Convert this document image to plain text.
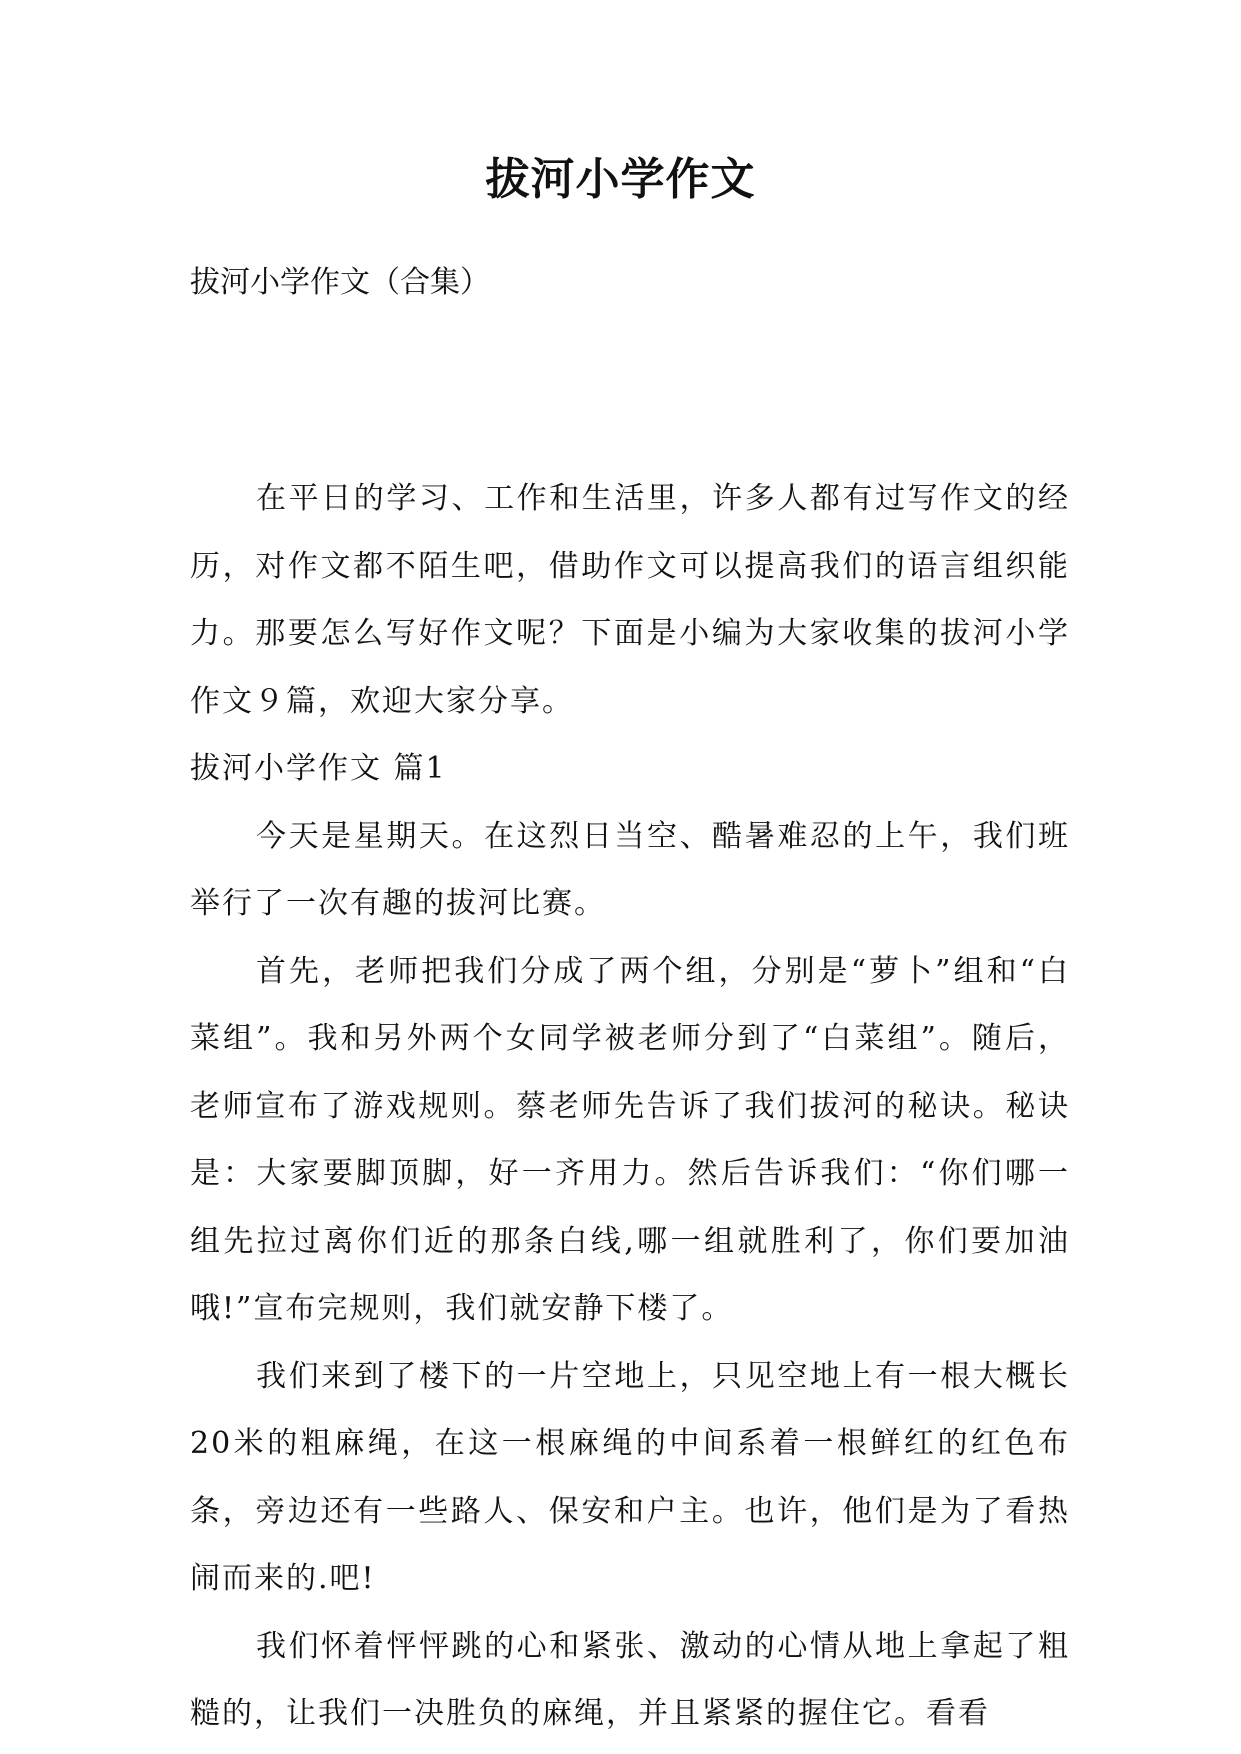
拔河小学作文

拔河小学作文（合集）

在平日的学习、工作和生活里，许多人都有过写作文的经历，对作文都不陌生吧，借助作文可以提高我们的语言组织能力。那要怎么写好作文呢？下面是小编为大家收集的拔河小学作文９篇，欢迎大家分享。

拔河小学作文 篇1

今天是星期天。在这烈日当空、酷暑难忍的上午，我们班举行了一次有趣的拔河比赛。

首先，老师把我们分成了两个组，分别是“萝卜”组和“白菜组”。我和另外两个女同学被老师分到了“白菜组”。随后，老师宣布了游戏规则。蔡老师先告诉了我们拔河的秘诀。秘诀是：大家要脚顶脚，好一齐用力。然后告诉我们：“你们哪一组先拉过离你们近的那条白线,哪一组就胜利了，你们要加油哦!”宣布完规则，我们就安静下楼了。

我们来到了楼下的一片空地上，只见空地上有一根大概长20米的粗麻绳，在这一根麻绳的中间系着一根鲜红的红色布条，旁边还有一些路人、保安和户主。也许，他们是为了看热闹而来的.吧!

我们怀着怦怦跳的心和紧张、激动的心情从地上拿起了粗糙的，让我们一决胜负的麻绳，并且紧紧的握住它。看看
